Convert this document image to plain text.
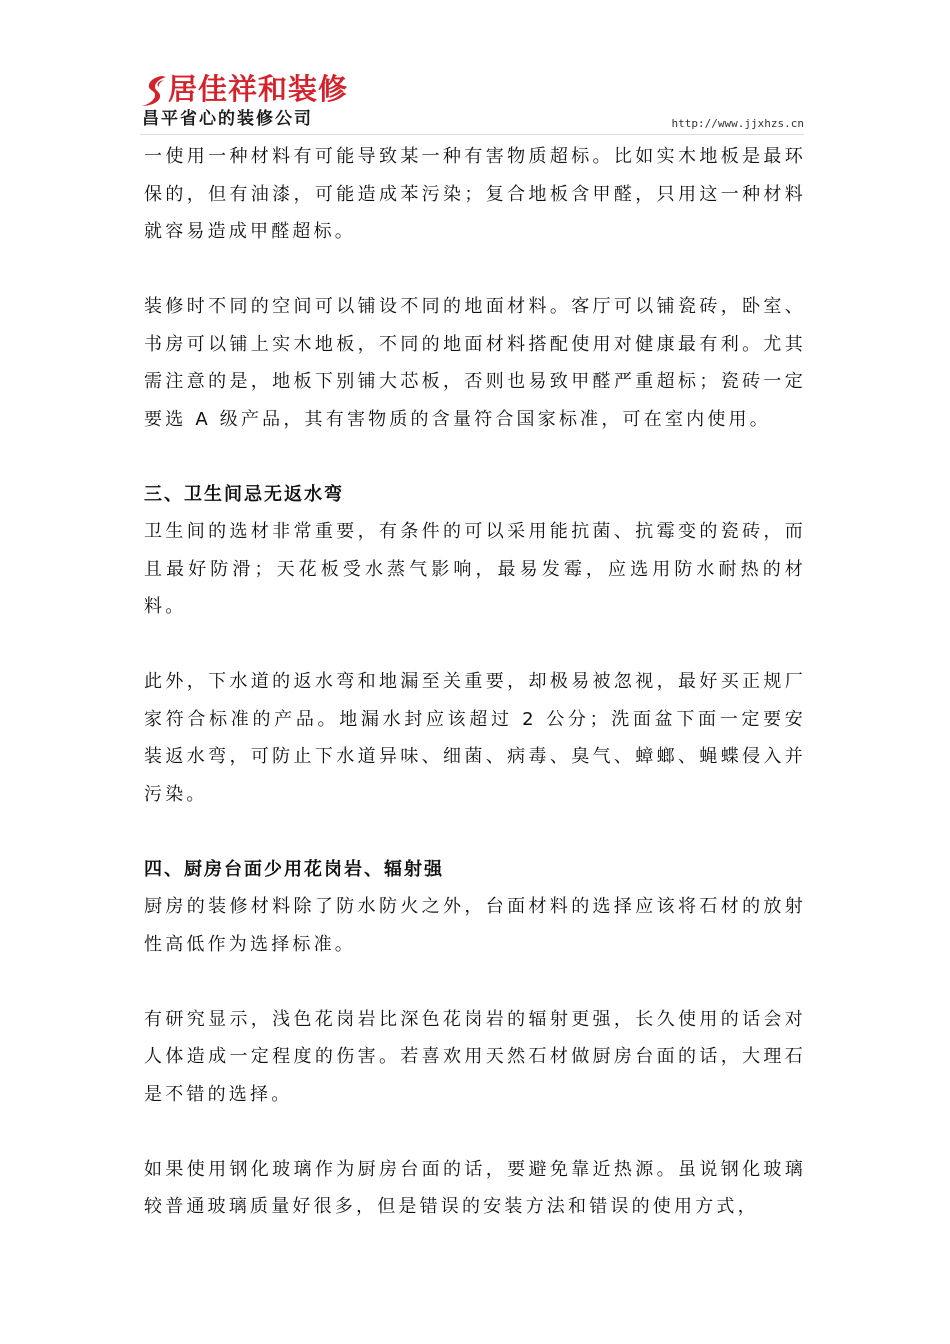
居佳祥和装修
昌平省心的装修公司	http://www.jjxhzs.cn

一使用一种材料有可能导致某一种有害物质超标。比如实木地板是最环保的，但有油漆，可能造成苯污染；复合地板含甲醛，只用这一种材料就容易造成甲醛超标。

装修时不同的空间可以铺设不同的地面材料。客厅可以铺瓷砖，卧室、书房可以铺上实木地板，不同的地面材料搭配使用对健康最有利。尤其需注意的是，地板下别铺大芯板，否则也易致甲醛严重超标；瓷砖一定要选 A 级产品，其有害物质的含量符合国家标准，可在室内使用。

三、卫生间忌无返水弯

卫生间的选材非常重要，有条件的可以采用能抗菌、抗霉变的瓷砖，而且最好防滑；天花板受水蒸气影响，最易发霉，应选用防水耐热的材料。

此外，下水道的返水弯和地漏至关重要，却极易被忽视，最好买正规厂家符合标准的产品。地漏水封应该超过 2 公分；洗面盆下面一定要安装返水弯，可防止下水道异味、细菌、病毒、臭气、蟑螂、蝇蝶侵入并污染。

四、厨房台面少用花岗岩、辐射强

厨房的装修材料除了防水防火之外，台面材料的选择应该将石材的放射性高低作为选择标准。

有研究显示，浅色花岗岩比深色花岗岩的辐射更强，长久使用的话会对人体造成一定程度的伤害。若喜欢用天然石材做厨房台面的话，大理石是不错的选择。

如果使用钢化玻璃作为厨房台面的话，要避免靠近热源。虽说钢化玻璃较普通玻璃质量好很多，但是错误的安装方法和错误的使用方式，
